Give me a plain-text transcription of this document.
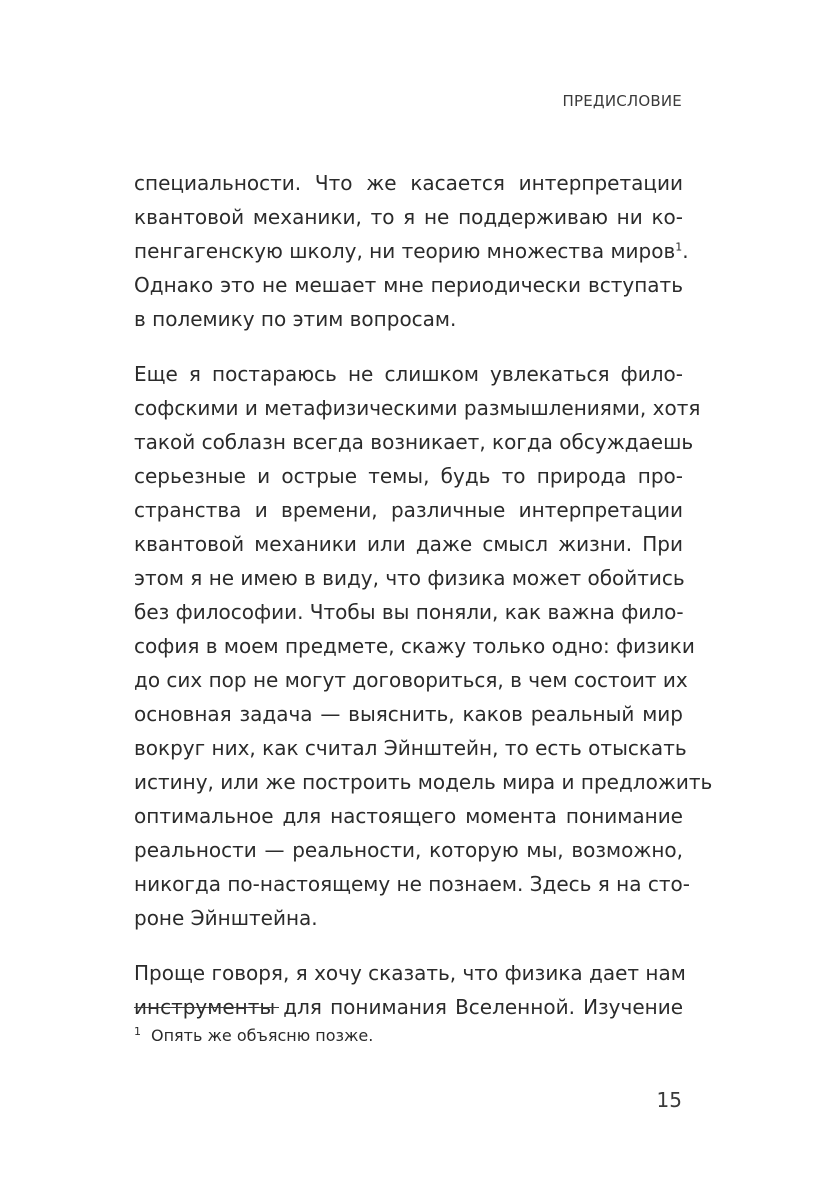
ПРЕДИСЛОВИЕ

специальности. Что же касается интерпретации
квантовой механики, то я не поддерживаю ни ко-
пенгагенскую школу, ни теорию множества миров$^1$.
Однако это не мешает мне периодически вступать
в полемику по этим вопросам.

Еще я постараюсь не слишком увлекаться фило-
софскими и метафизическими размышлениями, хотя
такой соблазн всегда возникает, когда обсуждаешь
серьезные и острые темы, будь то природа про-
странства и времени, различные интерпретации
квантовой механики или даже смысл жизни. При
этом я не имею в виду, что физика может обойтись
без философии. Чтобы вы поняли, как важна фило-
софия в моем предмете, скажу только одно: физики
до сих пор не могут договориться, в чем состоит их
основная задача — выяснить, каков реальный мир
вокруг них, как считал Эйнштейн, то есть отыскать
истину, или же построить модель мира и предложить
оптимальное для настоящего момента понимание
реальности — реальности, которую мы, возможно,
никогда по-настоящему не познаем. Здесь я на сто-
роне Эйнштейна.

Проще говоря, я хочу сказать, что физика дает нам
инструменты для понимания Вселенной. Изучение

$^1$ Опять же объясню позже.
15
